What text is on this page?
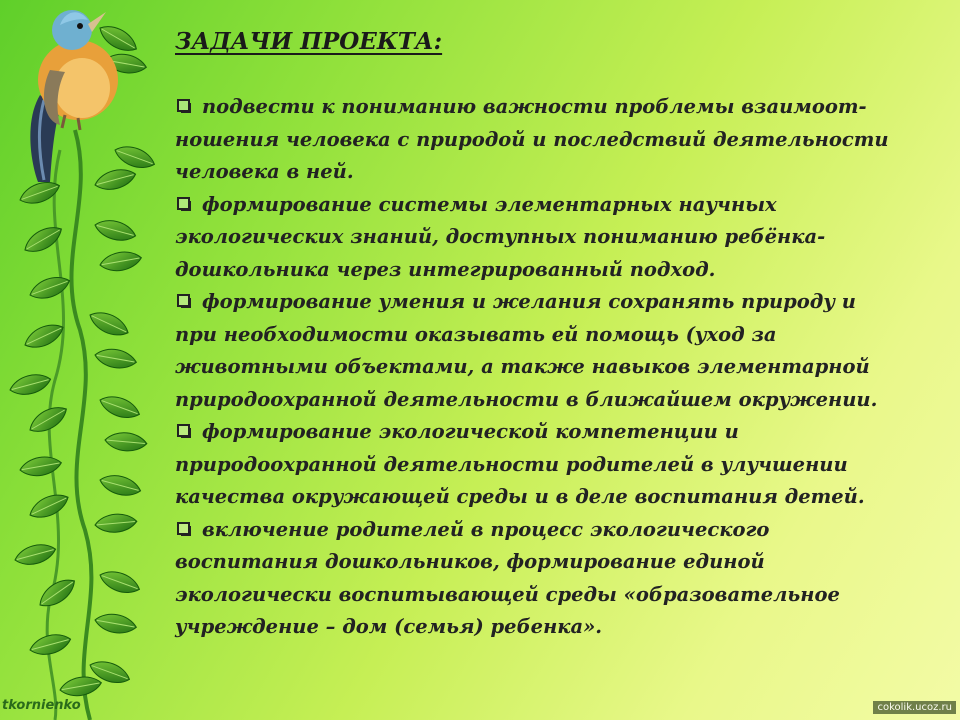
ЗАДАЧИ ПРОЕКТА:
подвести к пониманию важности проблемы взаимоот-
ношения человека с природой и последствий деятельности
человека в ней.
формирование системы элементарных научных
экологических знаний, доступных пониманию ребёнка-
дошкольника через интегрированный подход.
формирование умения и желания сохранять природу и
при необходимости оказывать ей помощь (уход за
животными объектами, а также навыков элементарной
природоохранной деятельности в ближайшем окружении.
формирование экологической компетенции и
природоохранной деятельности родителей в улучшении
качества окружающей среды и в деле воспитания детей.
включение родителей в процесс экологического
воспитания дошкольников, формирование единой
экологически воспитывающей среды «образовательное
учреждение – дом (семья) ребенка».
tkornienko	cokolik.ucoz.ru
